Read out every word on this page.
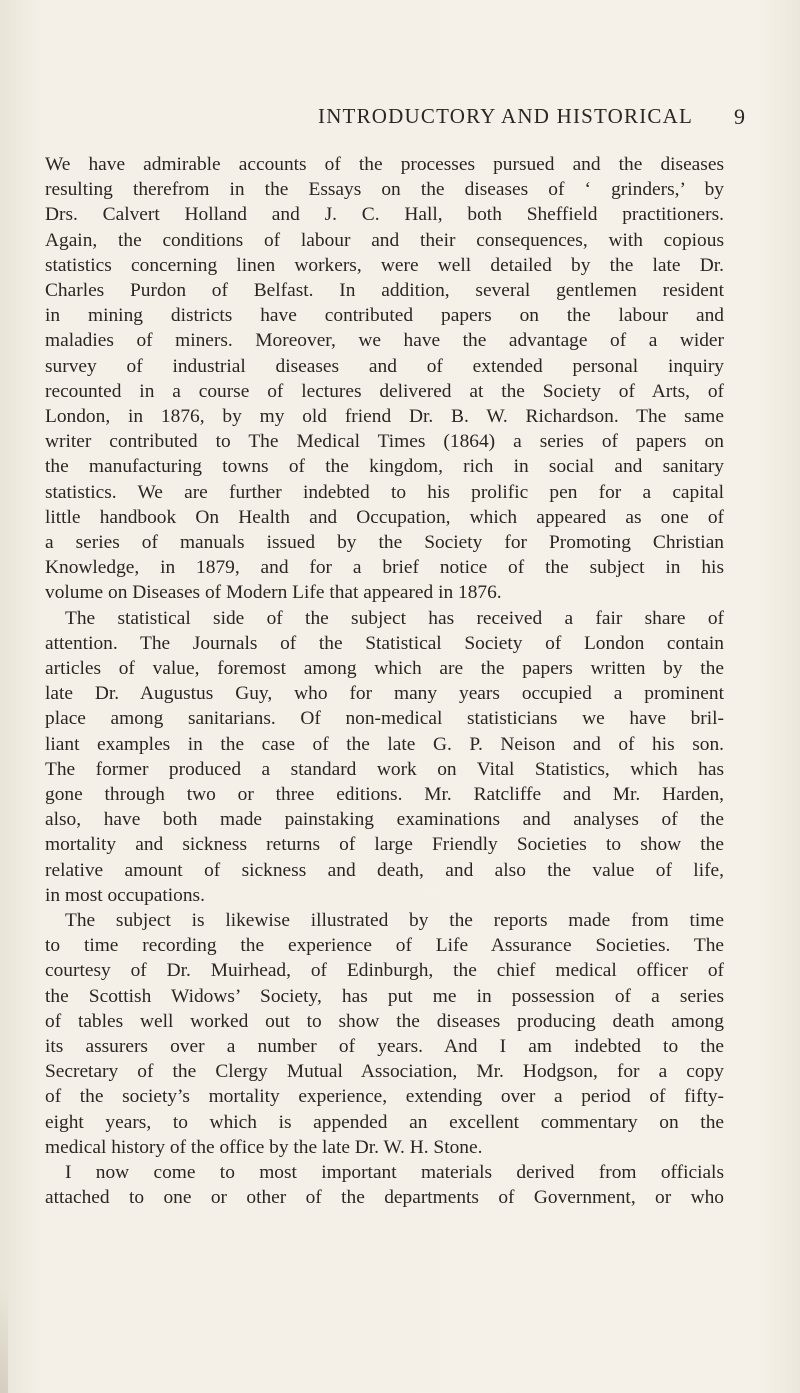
INTRODUCTORY AND HISTORICAL 9
We have admirable accounts of the processes pursued and the diseases
resulting therefrom in the Essays on the diseases of ‘ grinders,’ by
Drs. Calvert Holland and J. C. Hall, both Sheffield practitioners.
Again, the conditions of labour and their consequences, with copious
statistics concerning linen workers, were well detailed by the late Dr.
Charles Purdon of Belfast. In addition, several gentlemen resident
in mining districts have contributed papers on the labour and
maladies of miners. Moreover, we have the advantage of a wider
survey of industrial diseases and of extended personal inquiry
recounted in a course of lectures delivered at the Society of Arts, of
London, in 1876, by my old friend Dr. B. W. Richardson. The same
writer contributed to The Medical Times (1864) a series of papers on
the manufacturing towns of the kingdom, rich in social and sanitary
statistics. We are further indebted to his prolific pen for a capital
little handbook On Health and Occupation, which appeared as one of
a series of manuals issued by the Society for Promoting Christian
Knowledge, in 1879, and for a brief notice of the subject in his
volume on Diseases of Modern Life that appeared in 1876.
The statistical side of the subject has received a fair share of
attention. The Journals of the Statistical Society of London contain
articles of value, foremost among which are the papers written by the
late Dr. Augustus Guy, who for many years occupied a prominent
place among sanitarians. Of non-medical statisticians we have bril-
liant examples in the case of the late G. P. Neison and of his son.
The former produced a standard work on Vital Statistics, which has
gone through two or three editions. Mr. Ratcliffe and Mr. Harden,
also, have both made painstaking examinations and analyses of the
mortality and sickness returns of large Friendly Societies to show the
relative amount of sickness and death, and also the value of life,
in most occupations.
The subject is likewise illustrated by the reports made from time
to time recording the experience of Life Assurance Societies. The
courtesy of Dr. Muirhead, of Edinburgh, the chief medical officer of
the Scottish Widows’ Society, has put me in possession of a series
of tables well worked out to show the diseases producing death among
its assurers over a number of years. And I am indebted to the
Secretary of the Clergy Mutual Association, Mr. Hodgson, for a copy
of the society’s mortality experience, extending over a period of fifty-
eight years, to which is appended an excellent commentary on the
medical history of the office by the late Dr. W. H. Stone.
I now come to most important materials derived from officials
attached to one or other of the departments of Government, or who
